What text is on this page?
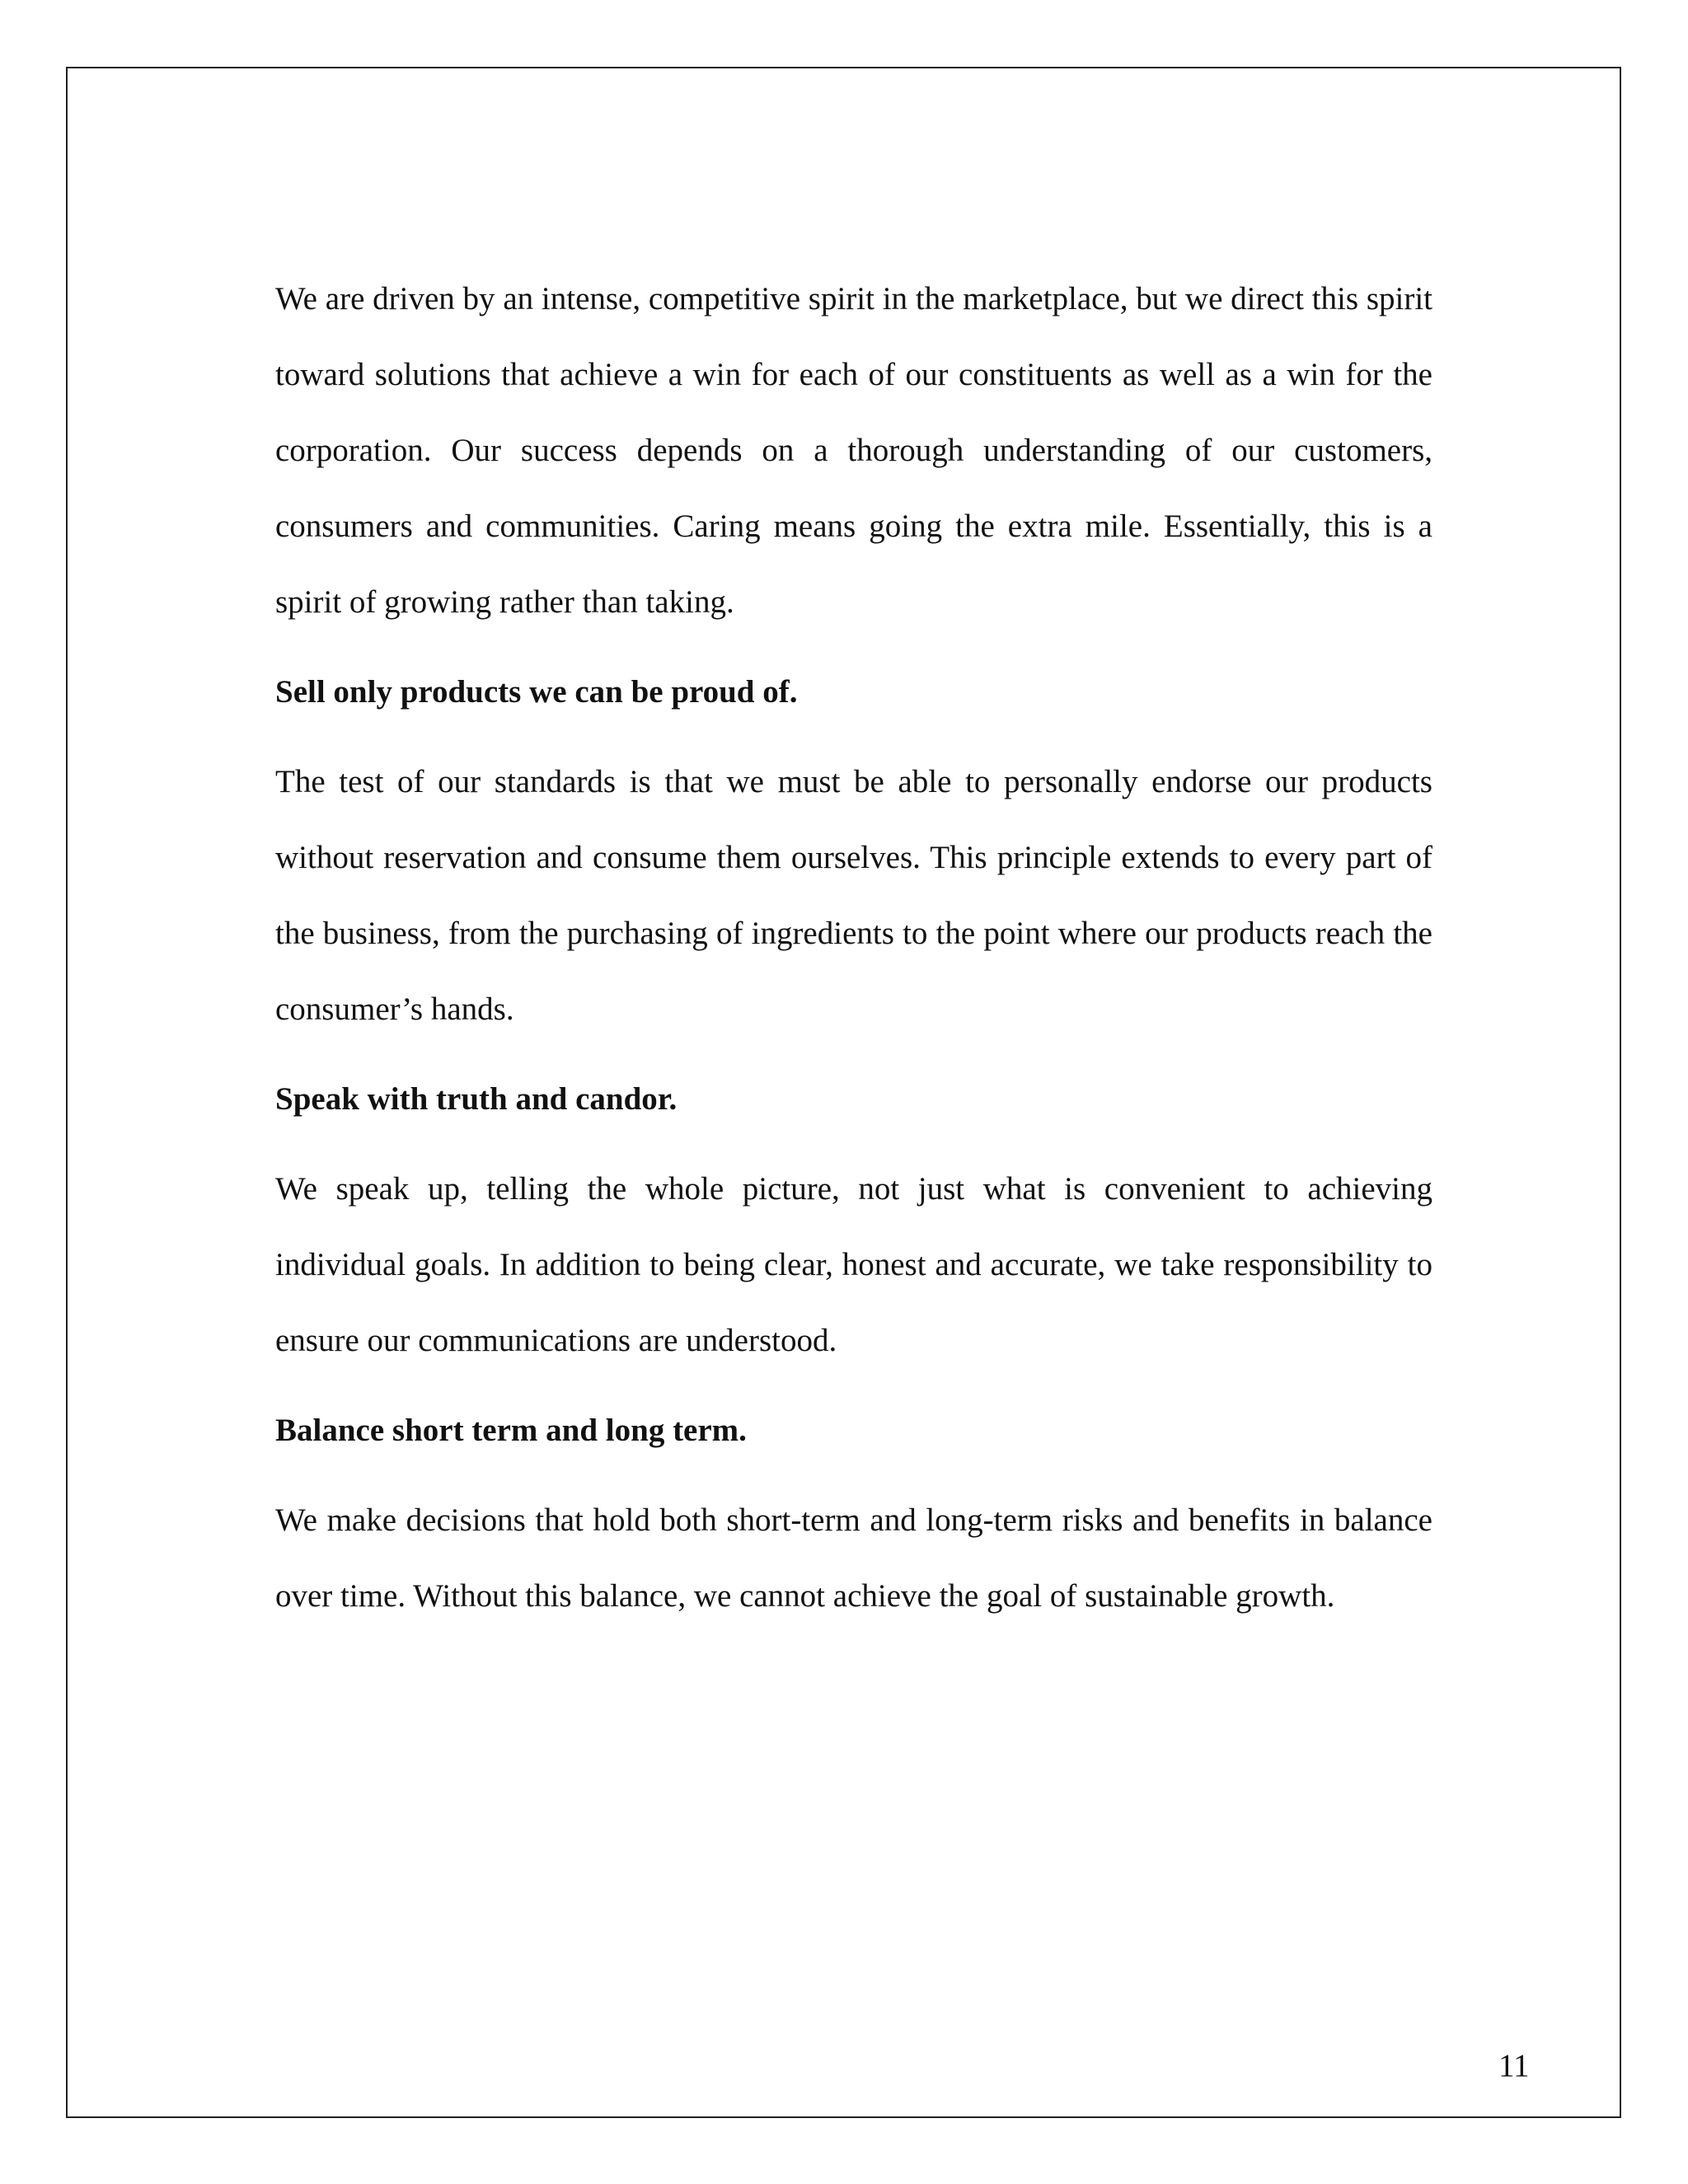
We are driven by an intense, competitive spirit in the marketplace, but we direct this spirit toward solutions that achieve a win for each of our constituents as well as a win for the corporation. Our success depends on a thorough understanding of our customers, consumers and communities. Caring means going the extra mile. Essentially, this is a spirit of growing rather than taking.

Sell only products we can be proud of.

The test of our standards is that we must be able to personally endorse our products without reservation and consume them ourselves. This principle extends to every part of the business, from the purchasing of ingredients to the point where our products reach the consumer’s hands.

Speak with truth and candor.

We speak up, telling the whole picture, not just what is convenient to achieving individual goals. In addition to being clear, honest and accurate, we take responsibility to ensure our communications are understood.

Balance short term and long term.

We make decisions that hold both short-term and long-term risks and benefits in balance over time. Without this balance, we cannot achieve the goal of sustainable growth.

11
